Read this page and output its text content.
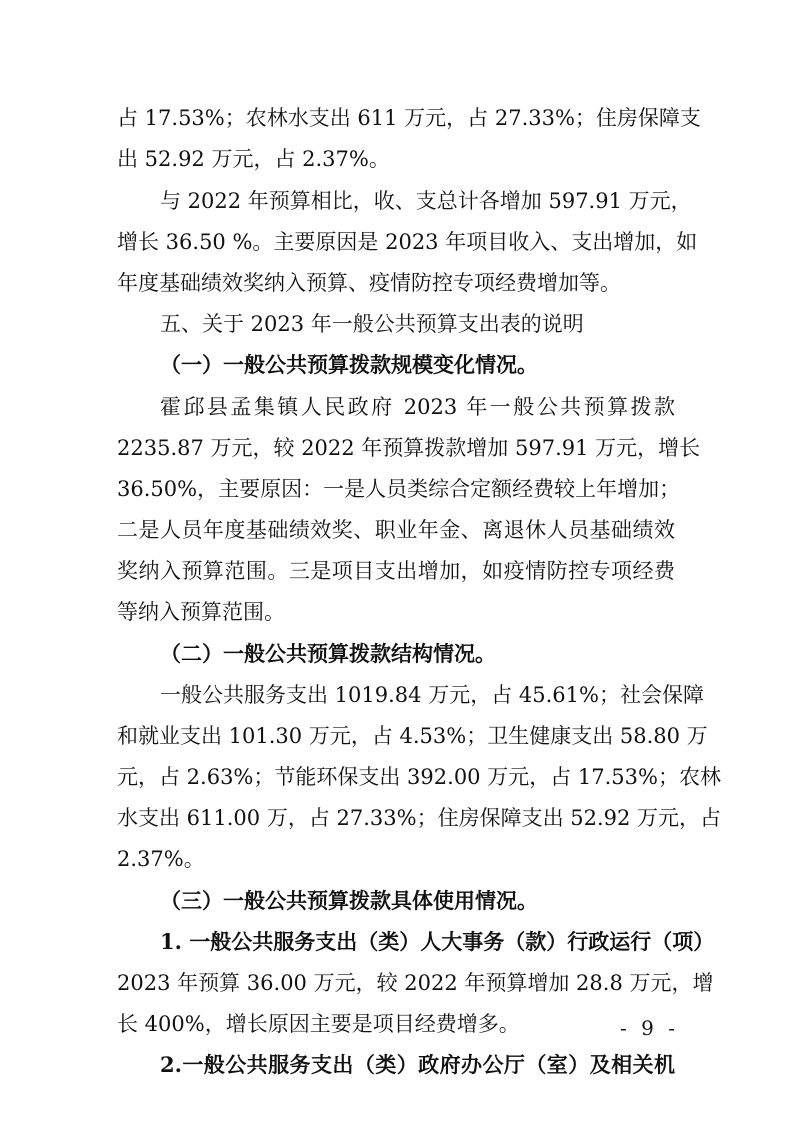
占 17.53%；农林水支出 611 万元，占 27.33%；住房保障支
出 52.92 万元，占 2.37%。
与 2022 年预算相比，收、支总计各增加 597.91 万元，
增长 36.50 %。主要原因是 2023 年项目收入、支出增加，如
年度基础绩效奖纳入预算、疫情防控专项经费增加等。
五、关于 2023 年一般公共预算支出表的说明
（一）一般公共预算拨款规模变化情况。
霍邱县孟集镇人民政府 2023 年一般公共预算拨款
2235.87 万元，较 2022 年预算拨款增加 597.91 万元，增长
36.50%，主要原因：一是人员类综合定额经费较上年增加；
二是人员年度基础绩效奖、职业年金、离退休人员基础绩效
奖纳入预算范围。三是项目支出增加，如疫情防控专项经费
等纳入预算范围。
（二）一般公共预算拨款结构情况。
一般公共服务支出 1019.84 万元，占 45.61%；社会保障
和就业支出 101.30 万元，占 4.53%；卫生健康支出 58.80 万
元，占 2.63%；节能环保支出 392.00 万元，占 17.53%；农林
水支出 611.00 万，占 27.33%；住房保障支出 52.92 万元，占
2.37%。
（三）一般公共预算拨款具体使用情况。
1. 一般公共服务支出（类）人大事务（款）行政运行（项）
2023 年预算 36.00 万元，较 2022 年预算增加 28.8 万元，增
长 400%，增长原因主要是项目经费增多。
2.一般公共服务支出（类）政府办公厅（室）及相关机
- 9 -
